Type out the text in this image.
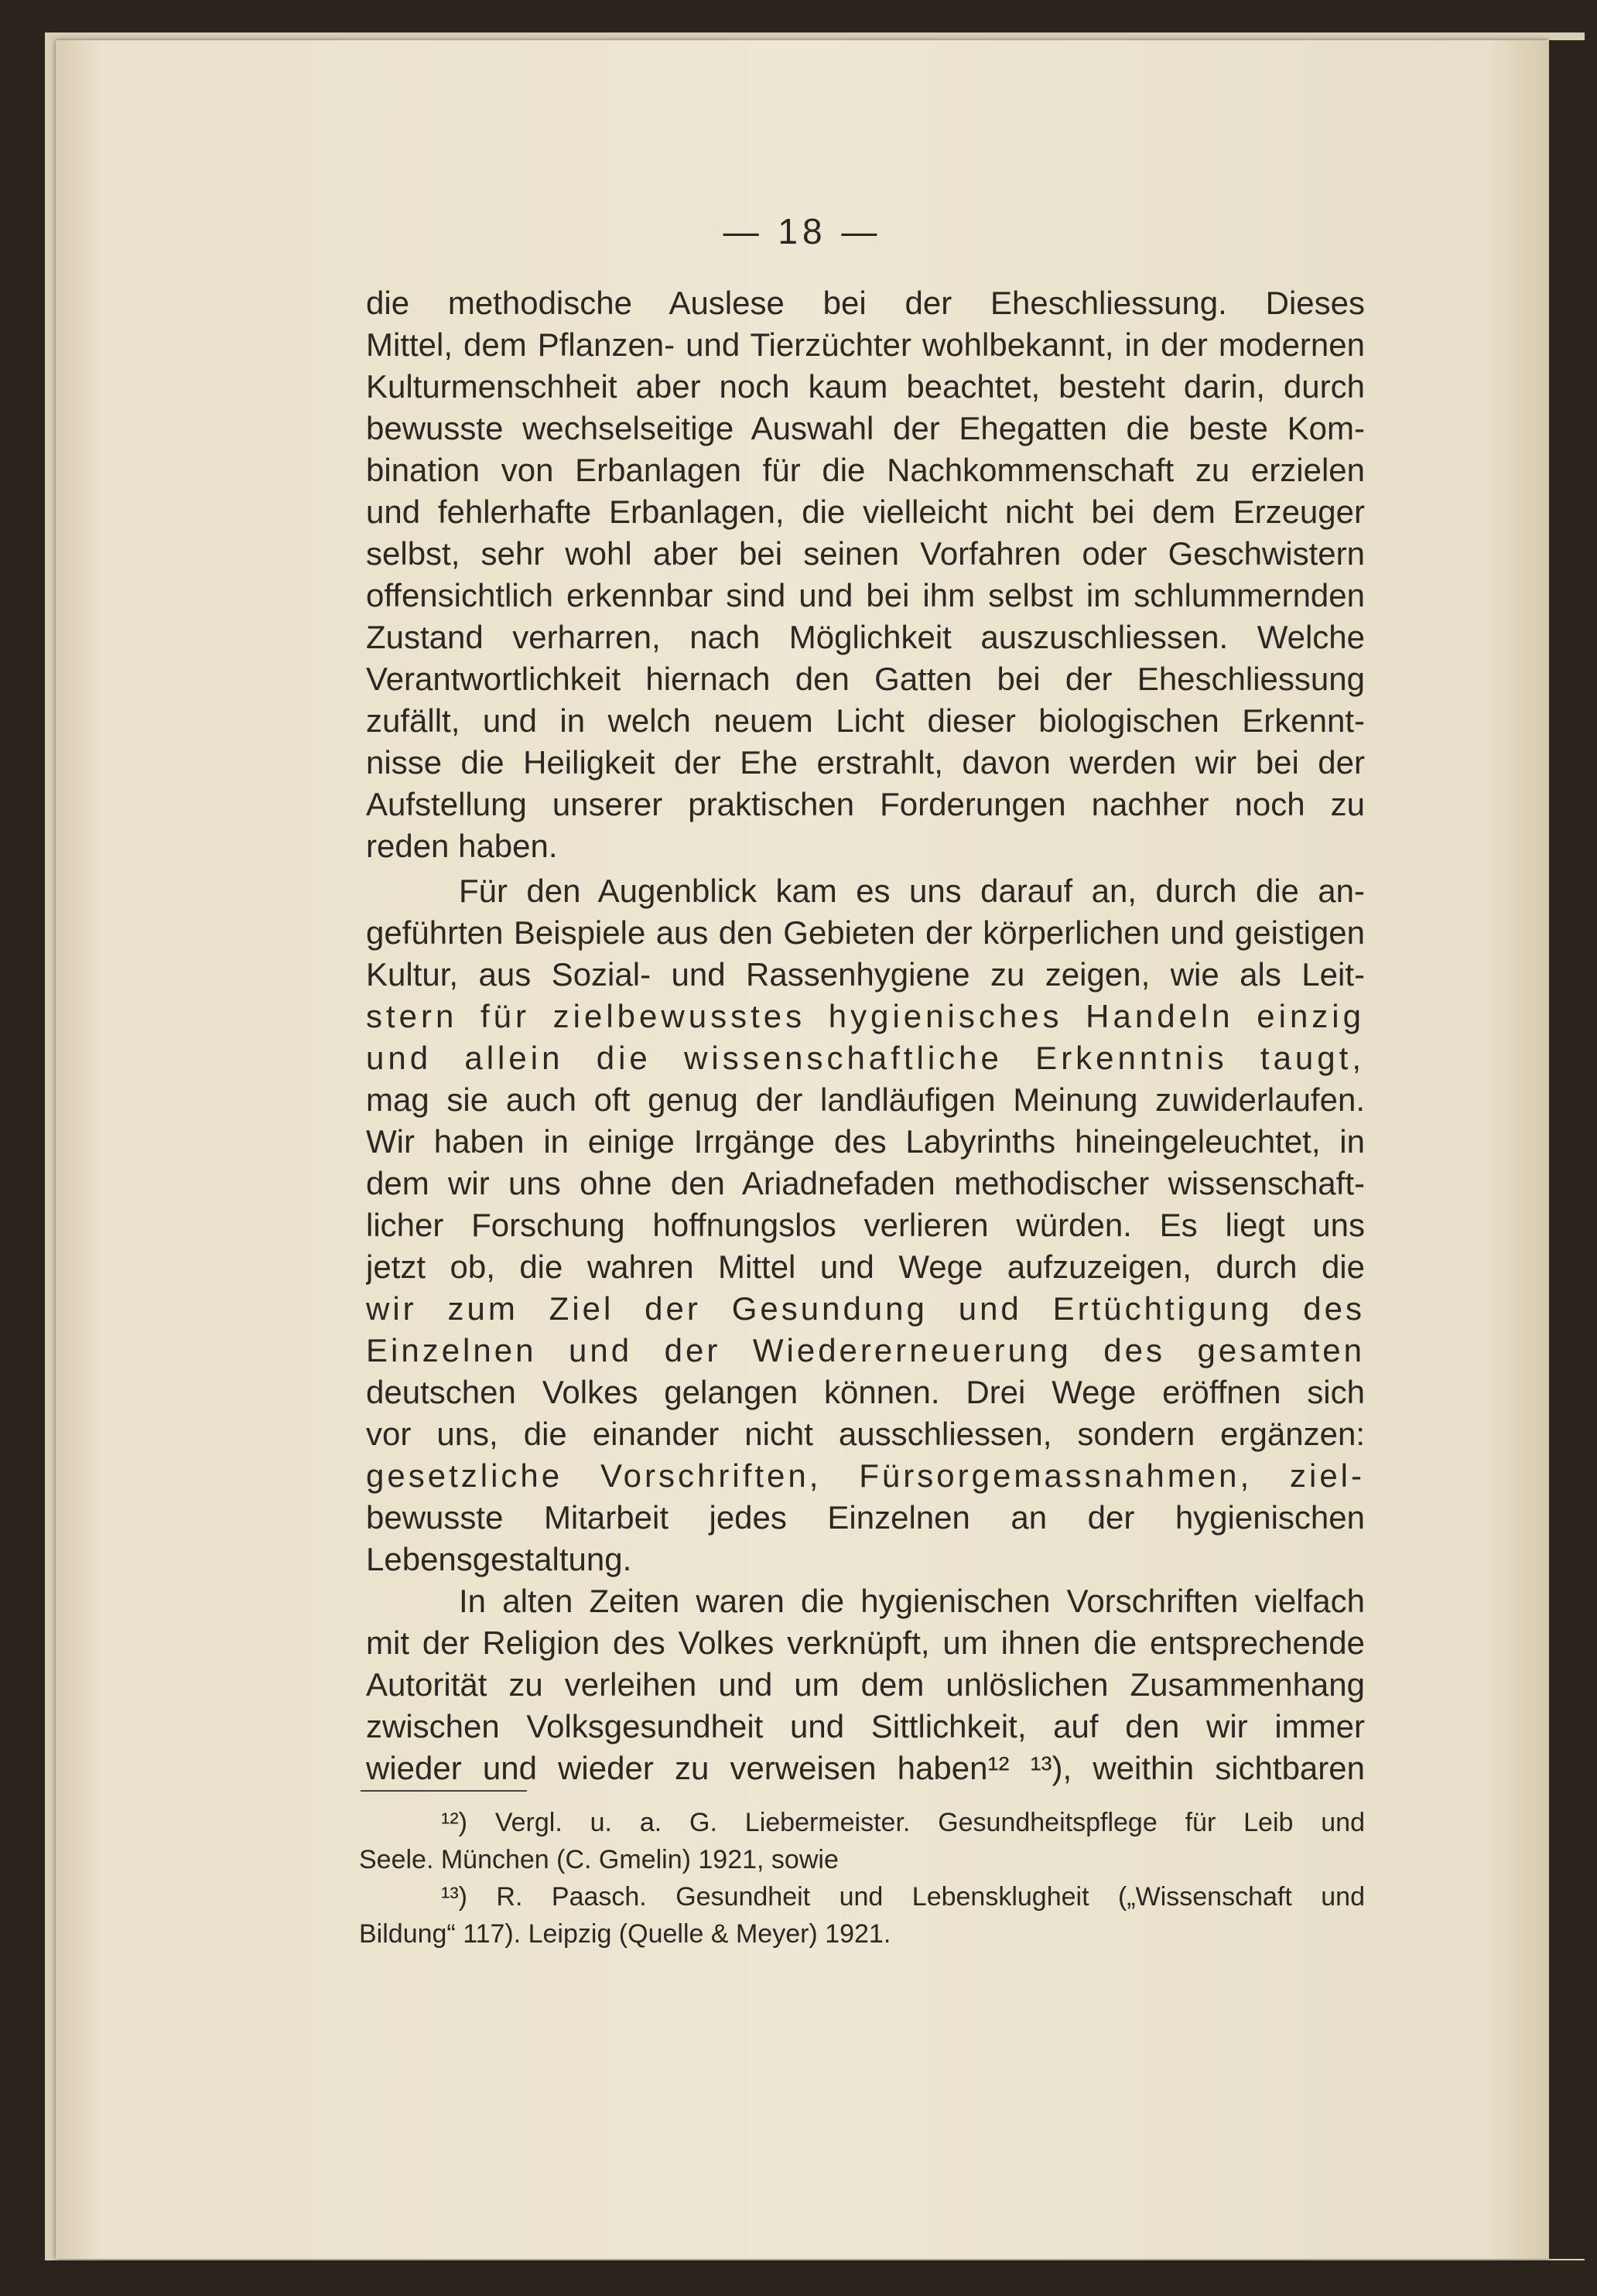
— 18 —
die methodische Auslese bei der Eheschliessung. Dieses
Mittel, dem Pflanzen- und Tierzüchter wohlbekannt, in der modernen
Kulturmenschheit aber noch kaum beachtet, besteht darin, durch
bewusste wechselseitige Auswahl der Ehegatten die beste Kom-
bination von Erbanlagen für die Nachkommenschaft zu erzielen
und fehlerhafte Erbanlagen, die vielleicht nicht bei dem Erzeuger
selbst, sehr wohl aber bei seinen Vorfahren oder Geschwistern
offensichtlich erkennbar sind und bei ihm selbst im schlummernden
Zustand verharren, nach Möglichkeit auszuschliessen. Welche
Verantwortlichkeit hiernach den Gatten bei der Eheschliessung
zufällt, und in welch neuem Licht dieser biologischen Erkennt-
nisse die Heiligkeit der Ehe erstrahlt, davon werden wir bei der
Aufstellung unserer praktischen Forderungen nachher noch zu
reden haben.
Für den Augenblick kam es uns darauf an, durch die an-
geführten Beispiele aus den Gebieten der körperlichen und geistigen
Kultur, aus Sozial- und Rassenhygiene zu zeigen, wie als Leit-
stern für zielbewusstes hygienisches Handeln einzig
und allein die wissenschaftliche Erkenntnis taugt,
mag sie auch oft genug der landläufigen Meinung zuwiderlaufen.
Wir haben in einige Irrgänge des Labyrinths hineingeleuchtet, in
dem wir uns ohne den Ariadnefaden methodischer wissenschaft-
licher Forschung hoffnungslos verlieren würden. Es liegt uns
jetzt ob, die wahren Mittel und Wege aufzuzeigen, durch die
wir zum Ziel der Gesundung und Ertüchtigung des
Einzelnen und der Wiedererneuerung des gesamten
deutschen Volkes gelangen können. Drei Wege eröffnen sich
vor uns, die einander nicht ausschliessen, sondern ergänzen:
gesetzliche Vorschriften, Fürsorgemassnahmen, ziel-
bewusste Mitarbeit jedes Einzelnen an der hygienischen
Lebensgestaltung.
In alten Zeiten waren die hygienischen Vorschriften vielfach
mit der Religion des Volkes verknüpft, um ihnen die entsprechende
Autorität zu verleihen und um dem unlöslichen Zusammenhang
zwischen Volksgesundheit und Sittlichkeit, auf den wir immer
wieder und wieder zu verweisen haben¹² ¹³), weithin sichtbaren
¹²) Vergl. u. a. G. Liebermeister. Gesundheitspflege für Leib und
Seele. München (C. Gmelin) 1921, sowie
¹³) R. Paasch. Gesundheit und Lebensklugheit („Wissenschaft und
Bildung“ 117). Leipzig (Quelle & Meyer) 1921.
